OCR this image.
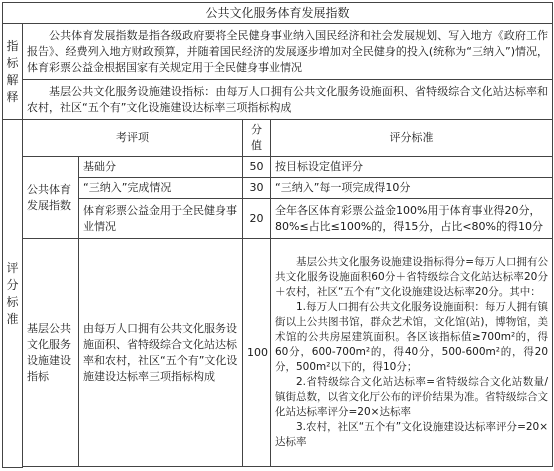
公共文化服务体育发展指数				

指标解释	公共体育发展指数是指各级政府要将全民健身事业纳入国民经济和社会发展规划、写入地方《政府工作报告》、经费列入地方财政预算，并随着国民经济的发展逐步增加对全民健身的投入(统称为“三纳入”)情况，体育彩票公益金根据国家有关规定用于全民健身事业情况			
	基层公共文化服务设施建设指标：由每万人口拥有公共文化服务设施面积、省特级综合文化站达标率和农村，社区“五个有”文化设施建设达标率三项指标构成			

评分标准	考评项		分值	评分标准
	公共体育发展指数	基础分	50	按目标设定值评分
		“三纳入”完成情况	30	“三纳入”每一项完成得10分
		体育彩票公益金用于全民健身事业情况	20	全年各区体育彩票公益金100%用于体育事业得20分，80%≤占比≤100%的，得15分，占比<80%的得10分
	基层公共文化服务设施建设指标	由每万人口拥有公共文化服务设施面积、省特级综合文化站达标率和农村，社区“五个有”文化设施建设达标率三项指标构成	100	基层公共文化服务设施建设指标得分=每万人口拥有公共文化服务设施面积60分＋省特级综合文化站达标率20分＋农村，社区“五个有”文化设施建设达标率20分。其中：

1.每万人口拥有公共文化服务设施面积：每万人拥有镇街以上公共图书馆，群众艺术馆，文化馆(站)，博物馆，美术馆的公共房屋建筑面积。各区该指标值≥700m²的，得60分，600-700m²的，得40分，500-600m²的，得20分，500m²以下的，得10分；

2.省特级综合文化站达标率=省特级综合文化站数量/镇街总数，以省文化厅公布的评价结果为准。省特级综合文化站达标率评分=20×达标率

3.农村，社区“五个有”文化设施建设达标率评分=20×达标率
